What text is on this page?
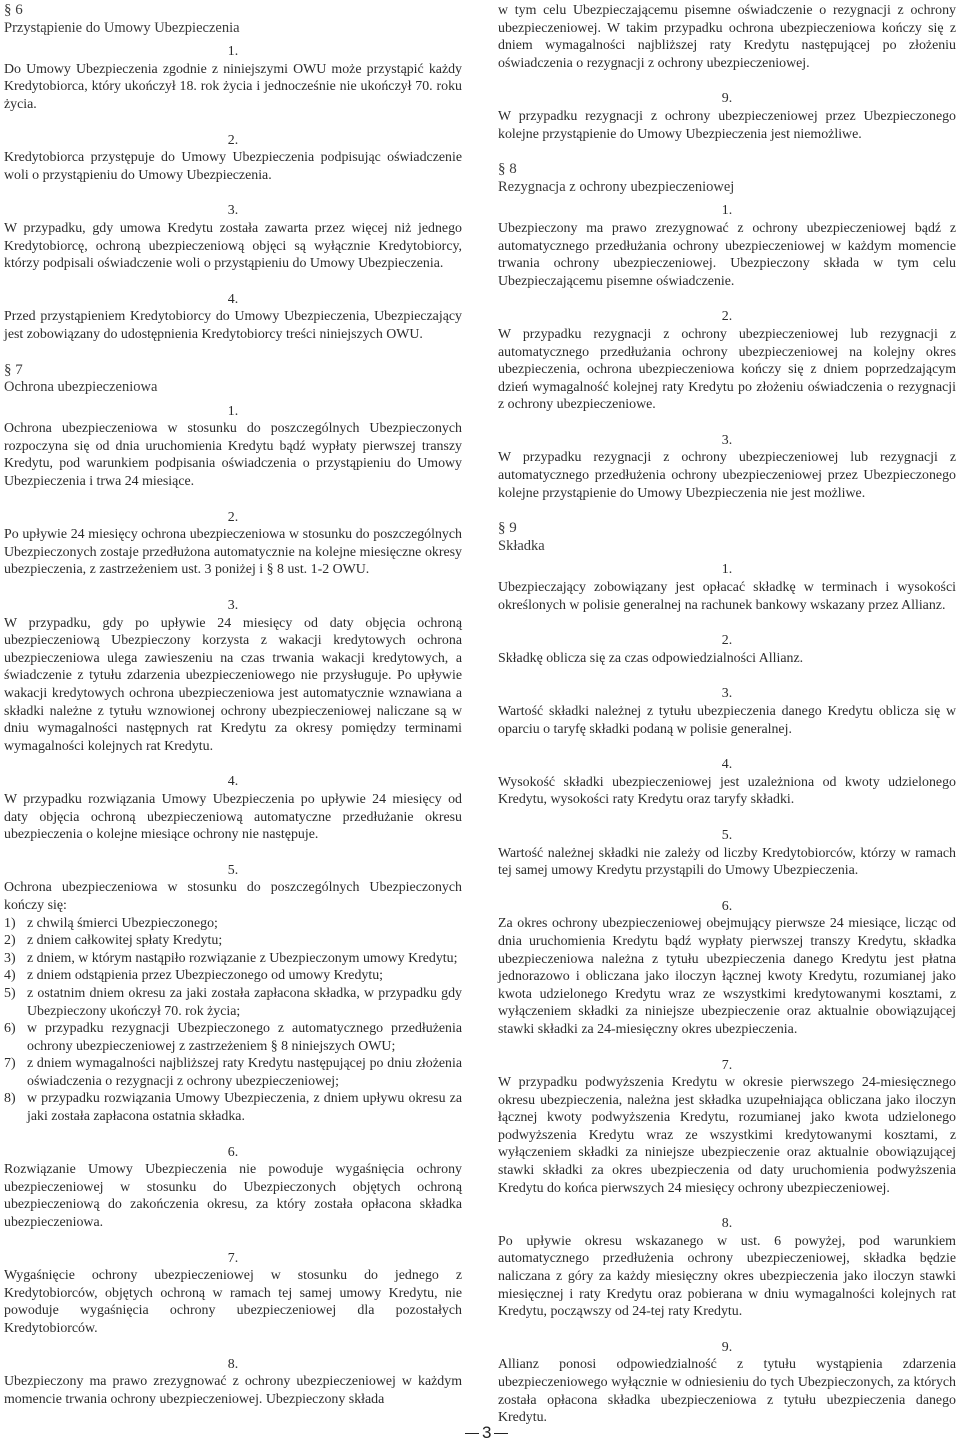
§ 6
Przystąpienie do Umowy Ubezpieczenia
1.
Do Umowy Ubezpieczenia zgodnie z niniejszymi OWU może przystąpić każdy Kredytobiorca, który ukończył 18. rok życia i jednocześnie nie ukończył 70. roku życia.
2.
Kredytobiorca przystępuje do Umowy Ubezpieczenia podpisując oświadczenie woli o przystąpieniu do Umowy Ubezpieczenia.
3.
W przypadku, gdy umowa Kredytu została zawarta przez więcej niż jednego Kredytobiorcę, ochroną ubezpieczeniową objęci są wyłącznie Kredytobiorcy, którzy podpisali oświadczenie woli o przystąpieniu do Umowy Ubezpieczenia.
4.
Przed przystąpieniem Kredytobiorcy do Umowy Ubezpieczenia, Ubezpieczający jest zobowiązany do udostępnienia Kredytobiorcy treści niniejszych OWU.
§ 7
Ochrona ubezpieczeniowa
1.
Ochrona ubezpieczeniowa w stosunku do poszczególnych Ubezpieczonych rozpoczyna się od dnia uruchomienia Kredytu bądź wypłaty pierwszej transzy Kredytu, pod warunkiem podpisania oświadczenia o przystąpieniu do Umowy Ubezpieczenia i trwa 24 miesiące.
2.
Po upływie 24 miesięcy ochrona ubezpieczeniowa w stosunku do poszczególnych Ubezpieczonych zostaje przedłużona automatycznie na kolejne miesięczne okresy ubezpieczenia, z zastrzeżeniem ust. 3 poniżej i § 8 ust. 1-2 OWU.
3.
W przypadku, gdy po upływie 24 miesięcy od daty objęcia ochroną ubezpieczeniową Ubezpieczony korzysta z wakacji kredytowych ochrona ubezpieczeniowa ulega zawieszeniu na czas trwania wakacji kredytowych, a świadczenie z tytułu zdarzenia ubezpieczeniowego nie przysługuje. Po upływie wakacji kredytowych ochrona ubezpieczeniowa jest automatycznie wznawiana a składki należne z tytułu wznowionej ochrony ubezpieczeniowej naliczane są w dniu wymagalności następnych rat Kredytu za okresy pomiędzy terminami wymagalności kolejnych rat Kredytu.
4.
W przypadku rozwiązania Umowy Ubezpieczenia po upływie 24 miesięcy od daty objęcia ochroną ubezpieczeniową automatyczne przedłużanie okresu ubezpieczenia o kolejne miesiące ochrony nie następuje.
5.
Ochrona ubezpieczeniowa w stosunku do poszczególnych Ubezpieczonych kończy się:
1) z chwilą śmierci Ubezpieczonego;
2) z dniem całkowitej spłaty Kredytu;
3) z dniem, w którym nastąpiło rozwiązanie z Ubezpieczonym umowy Kredytu;
4) z dniem odstąpienia przez Ubezpieczonego od umowy Kredytu;
5) z ostatnim dniem okresu za jaki została zapłacona składka, w przypadku gdy Ubezpieczony ukończył 70. rok życia;
6) w przypadku rezygnacji Ubezpieczonego z automatycznego przedłużenia ochrony ubezpieczeniowej z zastrzeżeniem § 8 niniejszych OWU;
7) z dniem wymagalności najbliższej raty Kredytu następującej po dniu złożenia oświadczenia o rezygnacji z ochrony ubezpieczeniowej;
8) w przypadku rozwiązania Umowy Ubezpieczenia, z dniem upływu okresu za jaki została zapłacona ostatnia składka.
6.
Rozwiązanie Umowy Ubezpieczenia nie powoduje wygaśnięcia ochrony ubezpieczeniowej w stosunku do Ubezpieczonych objętych ochroną ubezpieczeniową do zakończenia okresu, za który została opłacona składka ubezpieczeniowa.
7.
Wygaśnięcie ochrony ubezpieczeniowej w stosunku do jednego z Kredytobiorców, objętych ochroną w ramach tej samej umowy Kredytu, nie powoduje wygaśnięcia ochrony ubezpieczeniowej dla pozostałych Kredytobiorców.
8.
Ubezpieczony ma prawo zrezygnować z ochrony ubezpieczeniowej w każdym momencie trwania ochrony ubezpieczeniowej. Ubezpieczony składa
w tym celu Ubezpieczającemu pisemne oświadczenie o rezygnacji z ochrony ubezpieczeniowej. W takim przypadku ochrona ubezpieczeniowa kończy się z dniem wymagalności najbliższej raty Kredytu następującej po złożeniu oświadczenia o rezygnacji z ochrony ubezpieczeniowej.
9.
W przypadku rezygnacji z ochrony ubezpieczeniowej przez Ubezpieczonego kolejne przystąpienie do Umowy Ubezpieczenia jest niemożliwe.
§ 8
Rezygnacja z ochrony ubezpieczeniowej
1.
Ubezpieczony ma prawo zrezygnować z ochrony ubezpieczeniowej bądź z automatycznego przedłużania ochrony ubezpieczeniowej w każdym momencie trwania ochrony ubezpieczeniowej. Ubezpieczony składa w tym celu Ubezpieczającemu pisemne oświadczenie.
2.
W przypadku rezygnacji z ochrony ubezpieczeniowej lub rezygnacji z automatycznego przedłużania ochrony ubezpieczeniowej na kolejny okres ubezpieczenia, ochrona ubezpieczeniowa kończy się z dniem poprzedzającym dzień wymagalność kolejnej raty Kredytu po złożeniu oświadczenia o rezygnacji z ochrony ubezpieczeniowe.
3.
W przypadku rezygnacji z ochrony ubezpieczeniowej lub rezygnacji z automatycznego przedłużenia ochrony ubezpieczeniowej przez Ubezpieczonego kolejne przystąpienie do Umowy Ubezpieczenia nie jest możliwe.
§ 9
Składka
1.
Ubezpieczający zobowiązany jest opłacać składkę w terminach i wysokości określonych w polisie generalnej na rachunek bankowy wskazany przez Allianz.
2.
Składkę oblicza się za czas odpowiedzialności Allianz.
3.
Wartość składki należnej z tytułu ubezpieczenia danego Kredytu oblicza się w oparciu o taryfę składki podaną w polisie generalnej.
4.
Wysokość składki ubezpieczeniowej jest uzależniona od kwoty udzielonego Kredytu, wysokości raty Kredytu oraz taryfy składki.
5.
Wartość należnej składki nie zależy od liczby Kredytobiorców, którzy w ramach tej samej umowy Kredytu przystąpili do Umowy Ubezpieczenia.
6.
Za okres ochrony ubezpieczeniowej obejmujący pierwsze 24 miesiące, licząc od dnia uruchomienia Kredytu bądź wypłaty pierwszej transzy Kredytu, składka ubezpieczeniowa należna z tytułu ubezpieczenia danego Kredytu jest płatna jednorazowo i obliczana jako iloczyn łącznej kwoty Kredytu, rozumianej jako kwota udzielonego Kredytu wraz ze wszystkimi kredytowanymi kosztami, z wyłączeniem składki za niniejsze ubezpieczenie oraz aktualnie obowiązującej stawki składki za 24-miesięczny okres ubezpieczenia.
7.
W przypadku podwyższenia Kredytu w okresie pierwszego 24-miesięcznego okresu ubezpieczenia, należna jest składka uzupełniająca obliczana jako iloczyn łącznej kwoty podwyższenia Kredytu, rozumianej jako kwota udzielonego podwyższenia Kredytu wraz ze wszystkimi kredytowanymi kosztami, z wyłączeniem składki za niniejsze ubezpieczenie oraz aktualnie obowiązującej stawki składki za okres ubezpieczenia od daty uruchomienia podwyższenia Kredytu do końca pierwszych 24 miesięcy ochrony ubezpieczeniowej.
8.
Po upływie okresu wskazanego w ust. 6 powyżej, pod warunkiem automatycznego przedłużenia ochrony ubezpieczeniowej, składka będzie naliczana z góry za każdy miesięczny okres ubezpieczenia jako iloczyn stawki miesięcznej i raty Kredytu oraz pobierana w dniu wymagalności kolejnych rat Kredytu, począwszy od 24-tej raty Kredytu.
9.
Allianz ponosi odpowiedzialność z tytułu wystąpienia zdarzenia ubezpieczeniowego wyłącznie w odniesieniu do tych Ubezpieczonych, za których została opłacona składka ubezpieczeniowa z tytułu ubezpieczenia danego Kredytu.
3
